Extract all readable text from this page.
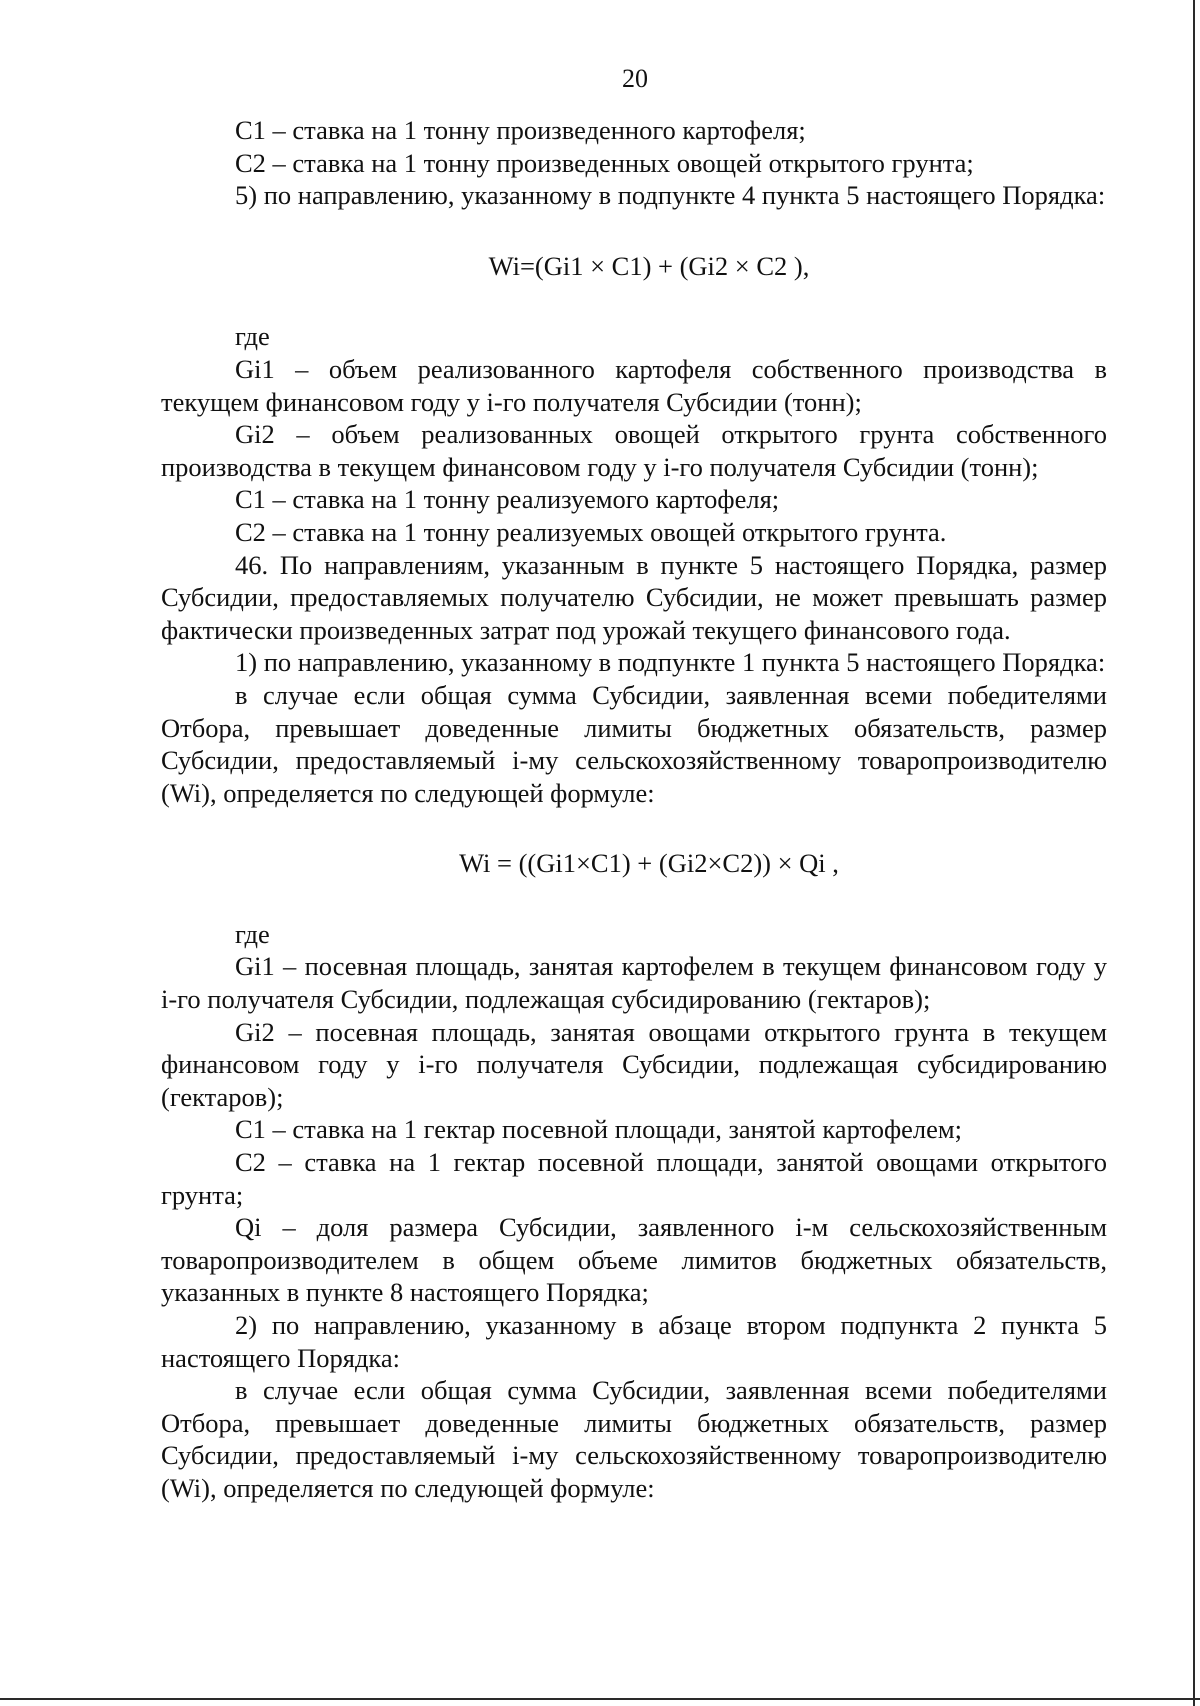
20

C1 – ставка на 1 тонну произведенного картофеля;

C2 – ставка на 1 тонну произведенных овощей открытого грунта;

5) по направлению, указанному в подпункте 4 пункта 5 настоящего Порядка:

Wi=(Gi1 × C1) + (Gi2 × C2 ),

где

Gi1 – объем реализованного картофеля собственного производства в текущем финансовом году у i-го получателя Субсидии (тонн);

Gi2 – объем реализованных овощей открытого грунта собственного производства в текущем финансовом году у i-го получателя Субсидии (тонн);

C1 – ставка на 1 тонну реализуемого картофеля;

C2 – ставка на 1 тонну реализуемых овощей открытого грунта.

46. По направлениям, указанным в пункте 5 настоящего Порядка, размер Субсидии, предоставляемых получателю Субсидии, не может превышать размер фактически произведенных затрат под урожай текущего финансового года.

1) по направлению, указанному в подпункте 1 пункта 5 настоящего Порядка:

в случае если общая сумма Субсидии, заявленная всеми победителями Отбора, превышает доведенные лимиты бюджетных обязательств, размер Субсидии, предоставляемый i-му сельскохозяйственному товаропроизводителю (Wi), определяется по следующей формуле:

Wi = ((Gi1×C1) + (Gi2×C2)) × Qi ,

где

Gi1 – посевная площадь, занятая картофелем в текущем финансовом году у i-го получателя Субсидии, подлежащая субсидированию (гектаров);

Gi2 – посевная площадь, занятая овощами открытого грунта в текущем финансовом году у i-го получателя Субсидии, подлежащая субсидированию (гектаров);

C1 – ставка на 1 гектар посевной площади, занятой картофелем;

C2 – ставка на 1 гектар посевной площади, занятой овощами открытого грунта;

Qi – доля размера Субсидии, заявленного i-м сельскохозяйственным товаропроизводителем в общем объеме лимитов бюджетных обязательств, указанных в пункте 8 настоящего Порядка;

2) по направлению, указанному в абзаце втором подпункта 2 пункта 5 настоящего Порядка:

в случае если общая сумма Субсидии, заявленная всеми победителями Отбора, превышает доведенные лимиты бюджетных обязательств, размер Субсидии, предоставляемый i-му сельскохозяйственному товаропроизводителю (Wi), определяется по следующей формуле:
